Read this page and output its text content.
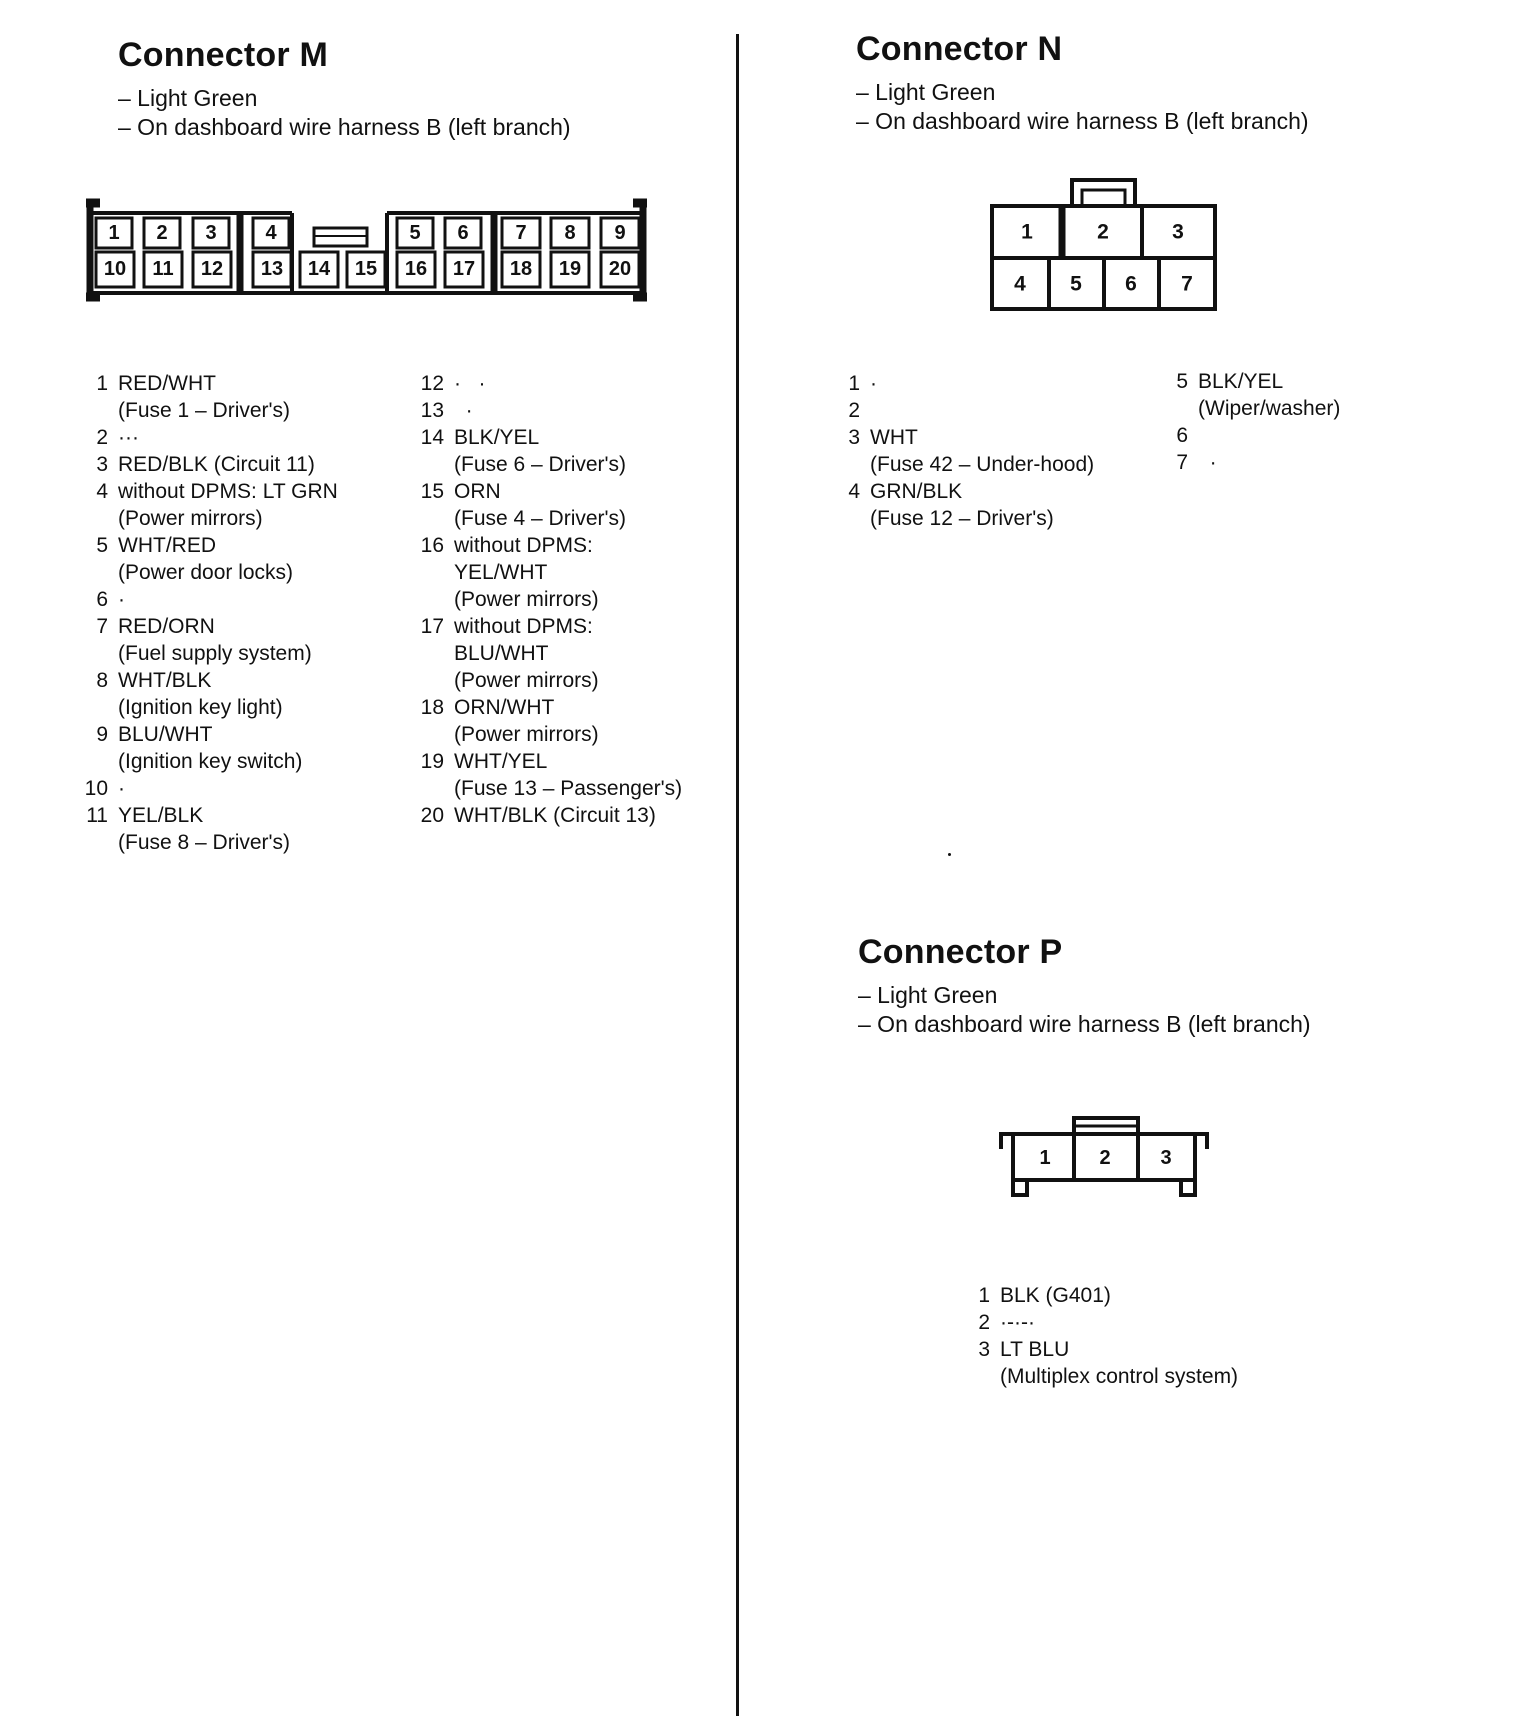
Connector M
– Light Green
– On dashboard wire harness B (left branch)
1 2 3 4	5 6 7 8 9
10 11 12 13 14 15 16 17 18 19 20
1 RED/WHT
(Fuse 1 – Driver's)
2 ···
3 RED/BLK (Circuit 11)
4 without DPMS: LT GRN
(Power mirrors)
5 WHT/RED
(Power door locks)
6 ·
7 RED/ORN
(Fuel supply system)
8 WHT/BLK
(Ignition key light)
9 BLU/WHT
(Ignition key switch)
10 ·
11 YEL/BLK
(Fuse 8 – Driver's)
12 ·   ·
13 ·
14 BLK/YEL
(Fuse 6 – Driver's)
15 ORN
(Fuse 4 – Driver's)
16 without DPMS:
YEL/WHT
(Power mirrors)
17 without DPMS:
BLU/WHT
(Power mirrors)
18 ORN/WHT
(Power mirrors)
19 WHT/YEL
(Fuse 13 – Passenger's)
20 WHT/BLK (Circuit 13)
Connector N
– Light Green
– On dashboard wire harness B (left branch)
1	2	3
4 5 6 7
1 ·
2

3 WHT
(Fuse 42 – Under-hood)
4 GRN/BLK
(Fuse 12 – Driver's)
5 BLK/YEL
(Wiper/washer)
6

7 ·
Connector P
– Light Green
– On dashboard wire harness B (left branch)
1 2 3
1 BLK (G401)
2 ·-·-·
3 LT BLU
(Multiplex control system)
